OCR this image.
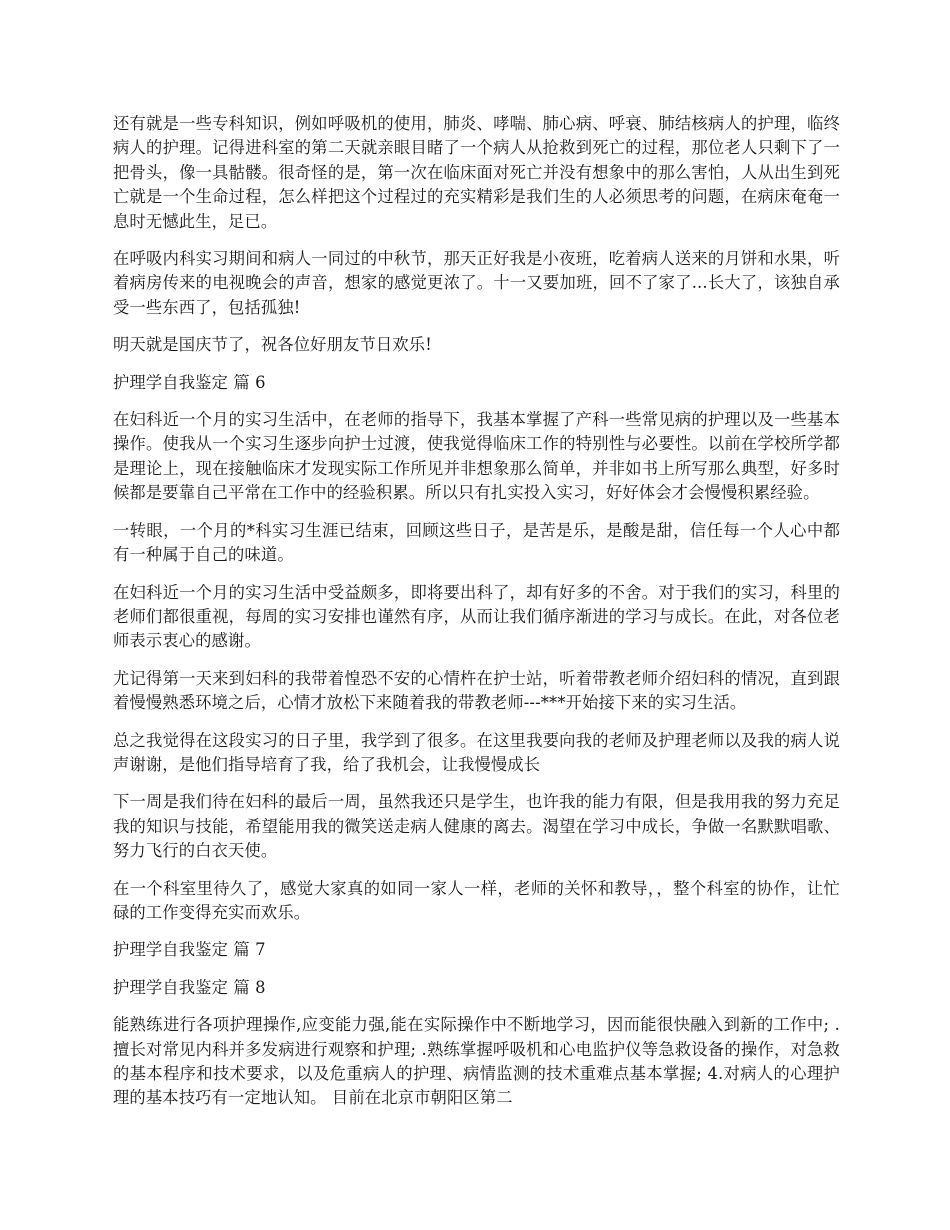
还有就是一些专科知识，例如呼吸机的使用，肺炎、哮喘、肺心病、呼衰、肺结核病人的护理，临终病人的护理。记得进科室的第二天就亲眼目睹了一个病人从抢救到死亡的过程，那位老人只剩下了一把骨头，像一具骷髅。很奇怪的是，第一次在临床面对死亡并没有想象中的那么害怕，人从出生到死亡就是一个生命过程，怎么样把这个过程过的充实精彩是我们生的人必须思考的问题，在病床奄奄一息时无憾此生，足已。

在呼吸内科实习期间和病人一同过的中秋节，那天正好我是小夜班，吃着病人送来的月饼和水果，听着病房传来的电视晚会的声音，想家的感觉更浓了。十一又要加班，回不了家了...长大了，该独自承受一些东西了，包括孤独!

明天就是国庆节了，祝各位好朋友节日欢乐!

护理学自我鉴定 篇 6

在妇科近一个月的实习生活中，在老师的指导下，我基本掌握了产科一些常见病的护理以及一些基本操作。使我从一个实习生逐步向护士过渡，使我觉得临床工作的特别性与必要性。以前在学校所学都是理论上，现在接触临床才发现实际工作所见并非想象那么简单，并非如书上所写那么典型，好多时候都是要靠自己平常在工作中的经验积累。所以只有扎实投入实习，好好体会才会慢慢积累经验。

一转眼，一个月的*科实习生涯已结束，回顾这些日子，是苦是乐，是酸是甜，信任每一个人心中都有一种属于自己的味道。

在妇科近一个月的实习生活中受益颇多，即将要出科了，却有好多的不舍。对于我们的实习，科里的老师们都很重视，每周的实习安排也谨然有序，从而让我们循序渐进的学习与成长。在此，对各位老师表示衷心的感谢。

尤记得第一天来到妇科的我带着惶恐不安的心情杵在护士站，听着带教老师介绍妇科的情况，直到跟着慢慢熟悉环境之后，心情才放松下来随着我的带教老师---***开始接下来的实习生活。

总之我觉得在这段实习的日子里，我学到了很多。在这里我要向我的老师及护理老师以及我的病人说声谢谢，是他们指导培育了我，给了我机会，让我慢慢成长

下一周是我们待在妇科的最后一周，虽然我还只是学生，也许我的能力有限，但是我用我的努力充足我的知识与技能，希望能用我的微笑送走病人健康的离去。渴望在学习中成长，争做一名默默唱歌、努力飞行的白衣天使。

在一个科室里待久了，感觉大家真的如同一家人一样，老师的关怀和教导，，整个科室的协作，让忙碌的工作变得充实而欢乐。

护理学自我鉴定 篇 7

护理学自我鉴定 篇 8

能熟练进行各项护理操作,应变能力强,能在实际操作中不断地学习，因而能很快融入到新的工作中; .擅长对常见内科并多发病进行观察和护理; .熟练掌握呼吸机和心电监护仪等急救设备的操作，对急救的基本程序和技术要求，以及危重病人的护理、病情监测的技术重难点基本掌握; 4.对病人的心理护理的基本技巧有一定地认知。 目前在北京市朝阳区第二
